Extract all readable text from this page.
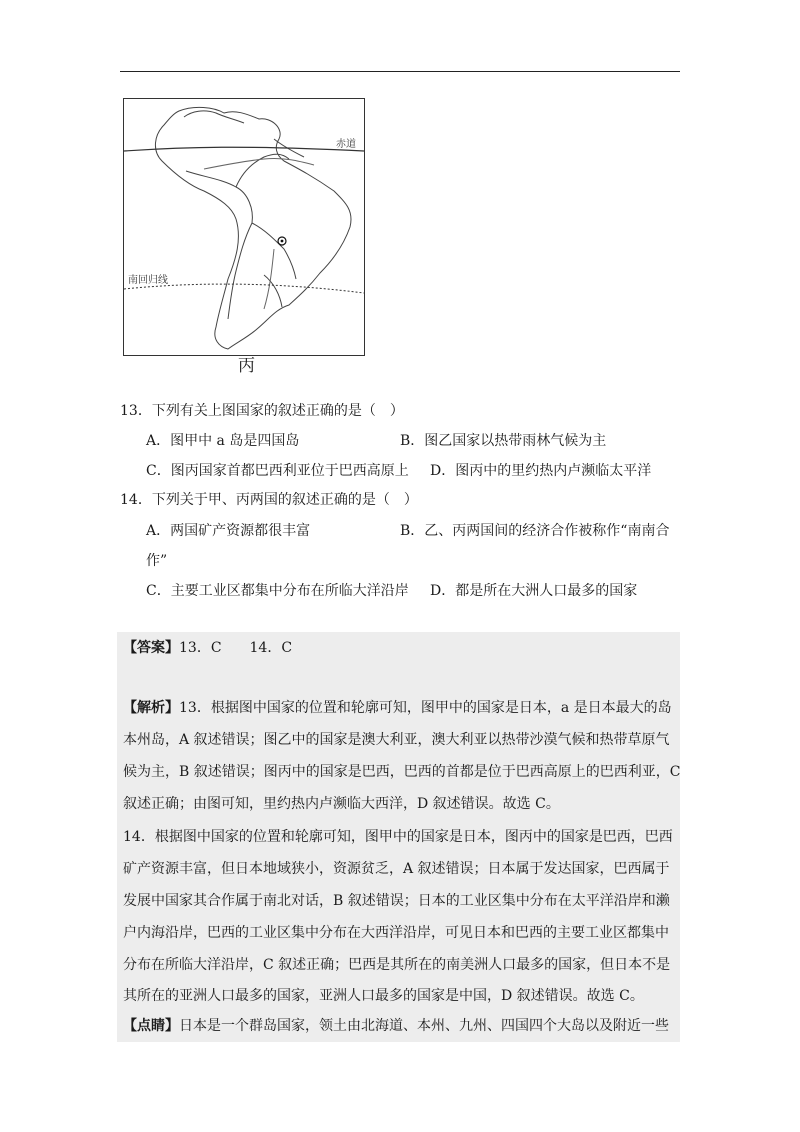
赤道
南回归线
丙
13．下列有关上图国家的叙述正确的是（　）
A．图甲中 a 岛是四国岛	B．图乙国家以热带雨林气候为主
C．图丙国家首都巴西利亚位于巴西高原上 D．图丙中的里约热内卢濒临太平洋
14．下列关于甲、丙两国的叙述正确的是（　）
A．两国矿产资源都很丰富	B．乙、丙两国间的经济合作被称作“南南合
作”
C．主要工业区都集中分布在所临大洋沿岸 D．都是所在大洲人口最多的国家
【答案】13．C　　14．C
【解析】13．根据图中国家的位置和轮廓可知，图甲中的国家是日本，a 是日本最大的岛
本州岛，A 叙述错误；图乙中的国家是澳大利亚，澳大利亚以热带沙漠气候和热带草原气
候为主，B 叙述错误；图丙中的国家是巴西，巴西的首都是位于巴西高原上的巴西利亚，C
叙述正确；由图可知，里约热内卢濒临大西洋，D 叙述错误。故选 C。
14．根据图中国家的位置和轮廓可知，图甲中的国家是日本，图丙中的国家是巴西，巴西
矿产资源丰富，但日本地域狭小，资源贫乏，A 叙述错误；日本属于发达国家，巴西属于
发展中国家其合作属于南北对话，B 叙述错误；日本的工业区集中分布在太平洋沿岸和濑
户内海沿岸，巴西的工业区集中分布在大西洋沿岸，可见日本和巴西的主要工业区都集中
分布在所临大洋沿岸，C 叙述正确；巴西是其所在的南美洲人口最多的国家，但日本不是
其所在的亚洲人口最多的国家，亚洲人口最多的国家是中国，D 叙述错误。故选 C。
【点睛】日本是一个群岛国家，领土由北海道、本州、九州、四国四个大岛以及附近一些
